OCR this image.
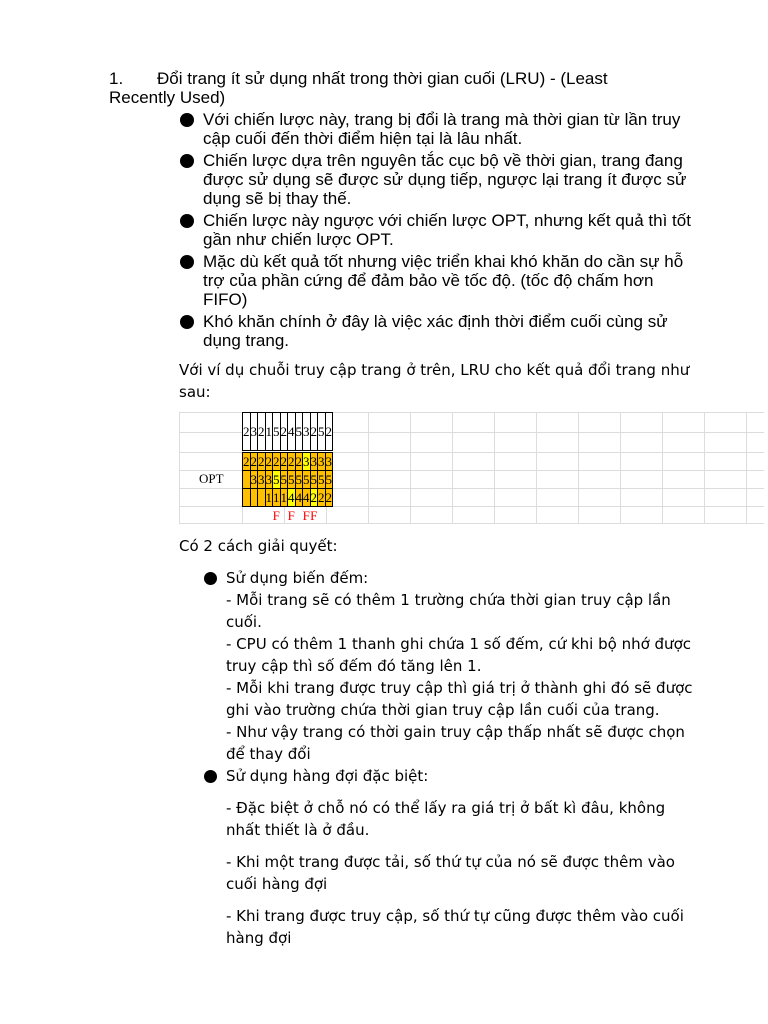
1. Đổi trang ít sử dụng nhất trong thời gian cuối (LRU) - (Least Recently Used)
Với chiến lược này, trang bị đổi là trang mà thời gian từ lần truy cập cuối đến thời điểm hiện tại là lâu nhất.
Chiến lược dựa trên nguyên tắc cục bộ về thời gian, trang đang được sử dụng sẽ được sử dụng tiếp, ngược lại trang ít được sử dụng sẽ bị thay thế.
Chiến lược này ngược với chiến lược OPT, nhưng kết quả thì tốt gần như chiến lược OPT.
Mặc dù kết quả tốt nhưng việc triển khai khó khăn do cần sự hỗ trợ của phần cứng để đảm bảo về tốc độ. (tốc độ chấm hơn FIFO)
Khó khăn chính ở đây là việc xác định thời điểm cuối cùng sử dụng trang.
Với ví dụ chuỗi truy cập trang ở trên, LRU cho kết quả đổi trang như sau:
OPT
2	3	2	1	5	2	4	5	3	2	5	2

2	2	2	2	2	2	2	2	3	3	3	3
	3	3	3	5	5	5	5	5	5	5	5
			1	1	1	4	4	4	2	2	2
				F		F		F	F		
Có 2 cách giải quyết:
Sử dụng biến đếm:
- Mỗi trang sẽ có thêm 1 trường chứa thời gian truy cập lần cuối.
- CPU có thêm 1 thanh ghi chứa 1 số đếm, cứ khi bộ nhớ được truy cập thì số đếm đó tăng lên 1.
- Mỗi khi trang được truy cập thì giá trị ở thành ghi đó sẽ được ghi vào trường chứa thời gian truy cập lần cuối của trang.
- Như vậy trang có thời gain truy cập thấp nhất sẽ được chọn để thay đổi
Sử dụng hàng đợi đặc biệt:
- Đặc biệt ở chỗ nó có thể lấy ra giá trị ở bất kì đâu, không nhất thiết là ở đầu.
- Khi một trang được tải, số thứ tự của nó sẽ được thêm vào cuối hàng đợi
- Khi trang được truy cập, số thứ tự cũng được thêm vào cuối hàng đợi
